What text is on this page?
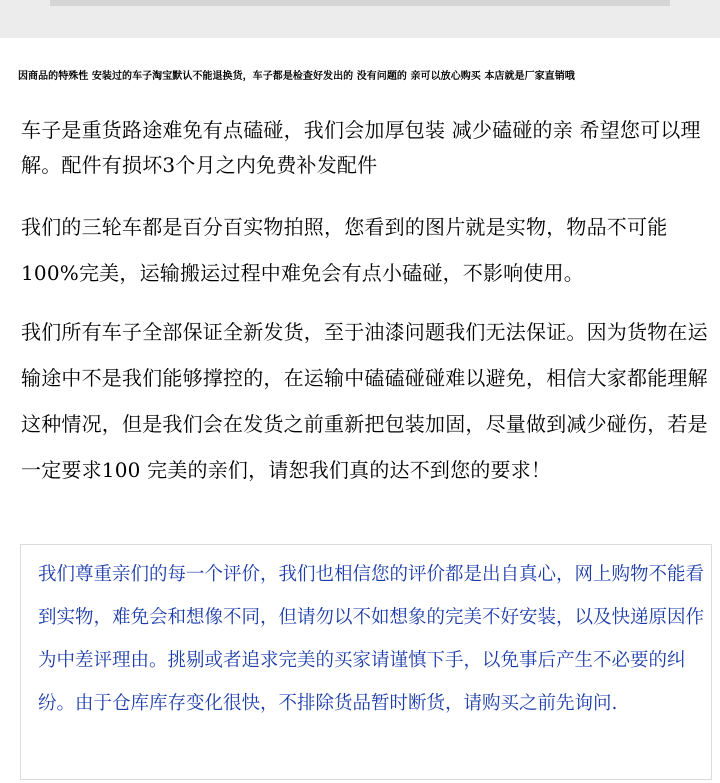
因商品的特殊性 安装过的车子淘宝默认不能退换货，车子都是检查好发出的 没有问题的 亲可以放心购买 本店就是厂家直销哦

车子是重货路途难免有点磕碰，我们会加厚包装 减少磕碰的亲 希望您可以理解。配件有损坏3个月之内免费补发配件

我们的三轮车都是百分百实物拍照，您看到的图片就是实物，物品不可能100%完美，运输搬运过程中难免会有点小磕碰，不影响使用。

我们所有车子全部保证全新发货，至于油漆问题我们无法保证。因为货物在运输途中不是我们能够撑控的，在运输中磕磕碰碰难以避免，相信大家都能理解这种情况，但是我们会在发货之前重新把包装加固，尽量做到减少碰伤，若是一定要求100 完美的亲们，请恕我们真的达不到您的要求！

我们尊重亲们的每一个评价，我们也相信您的评价都是出自真心，网上购物不能看到实物，难免会和想像不同，但请勿以不如想象的完美不好安装，以及快递原因作为中差评理由。挑剔或者追求完美的买家请谨慎下手，以免事后产生不必要的纠纷。由于仓库库存变化很快，不排除货品暂时断货，请购买之前先询问.
